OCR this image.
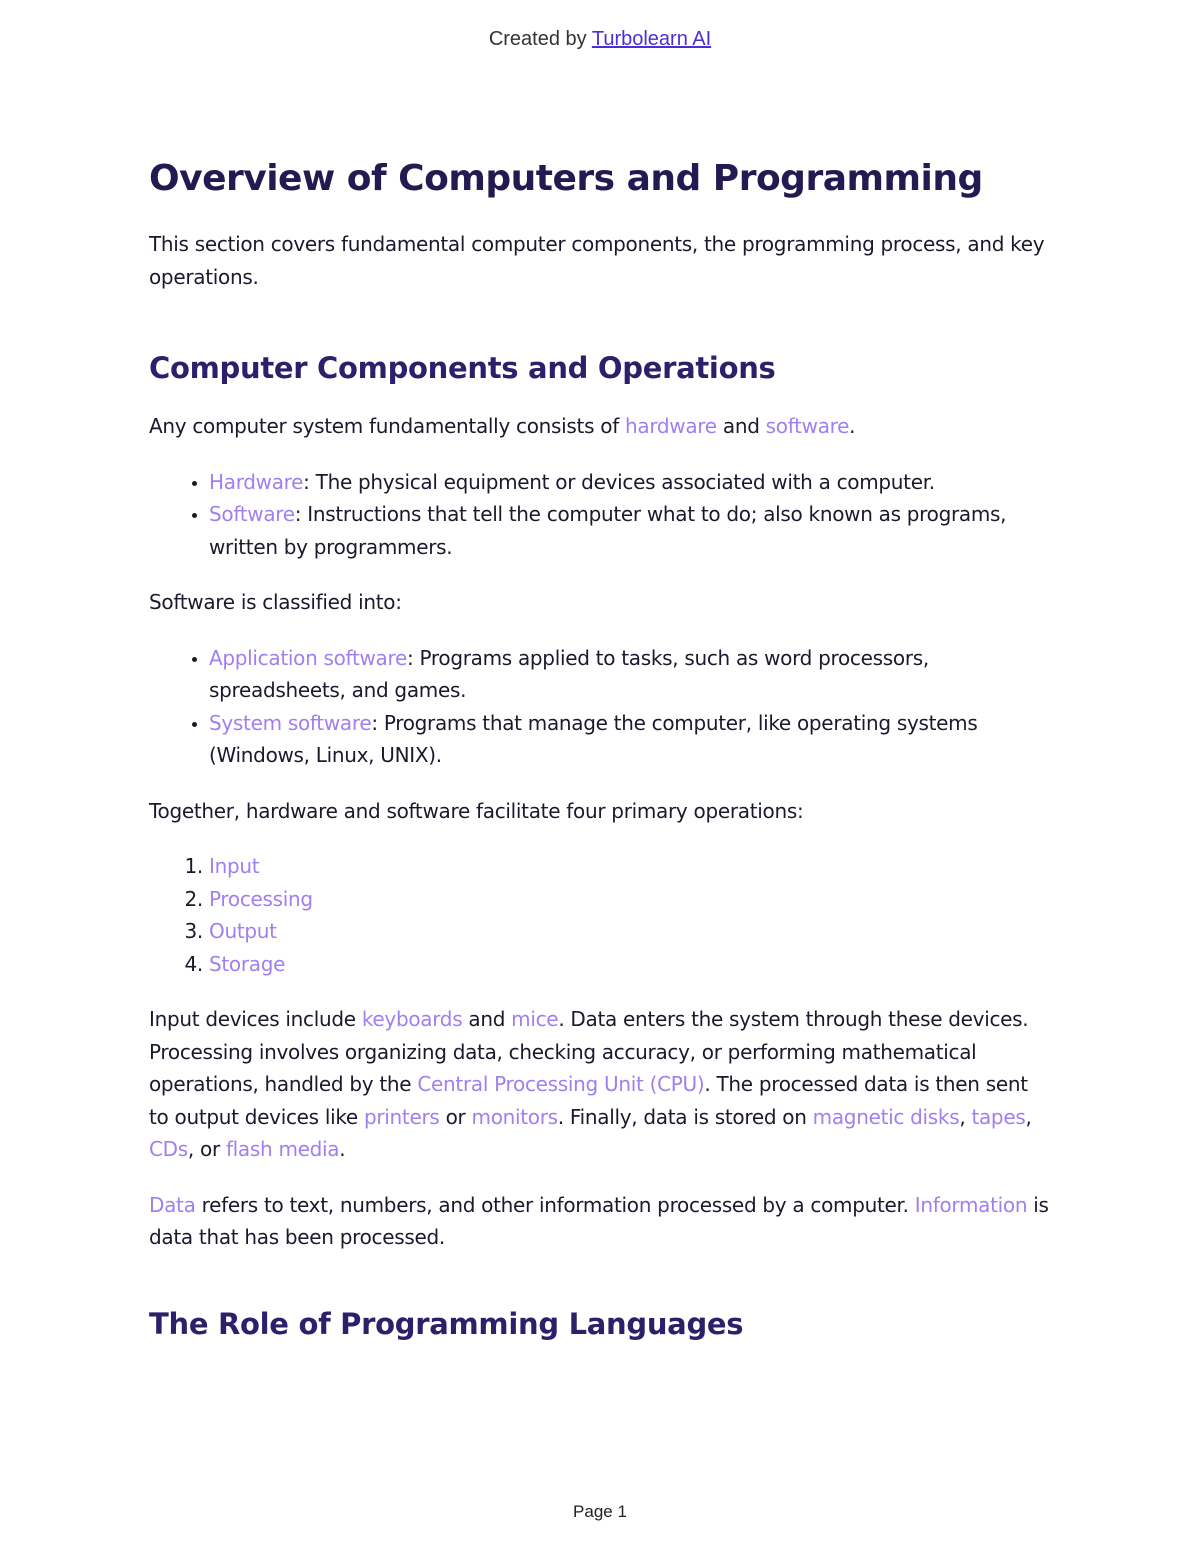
Created by Turbolearn AI
Overview of Computers and Programming

This section covers fundamental computer components, the programming process, and key operations.

Computer Components and Operations

Any computer system fundamentally consists of hardware and software.

• Hardware: The physical equipment or devices associated with a computer.
• Software: Instructions that tell the computer what to do; also known as programs, written by programmers.

Software is classified into:

• Application software: Programs applied to tasks, such as word processors, spreadsheets, and games.
• System software: Programs that manage the computer, like operating systems (Windows, Linux, UNIX).

Together, hardware and software facilitate four primary operations:

1. Input
2. Processing
3. Output
4. Storage

Input devices include keyboards and mice. Data enters the system through these devices. Processing involves organizing data, checking accuracy, or performing mathematical operations, handled by the Central Processing Unit (CPU). The processed data is then sent to output devices like printers or monitors. Finally, data is stored on magnetic disks, tapes, CDs, or flash media.

Data refers to text, numbers, and other information processed by a computer. Information is data that has been processed.

The Role of Programming Languages
Page 1
